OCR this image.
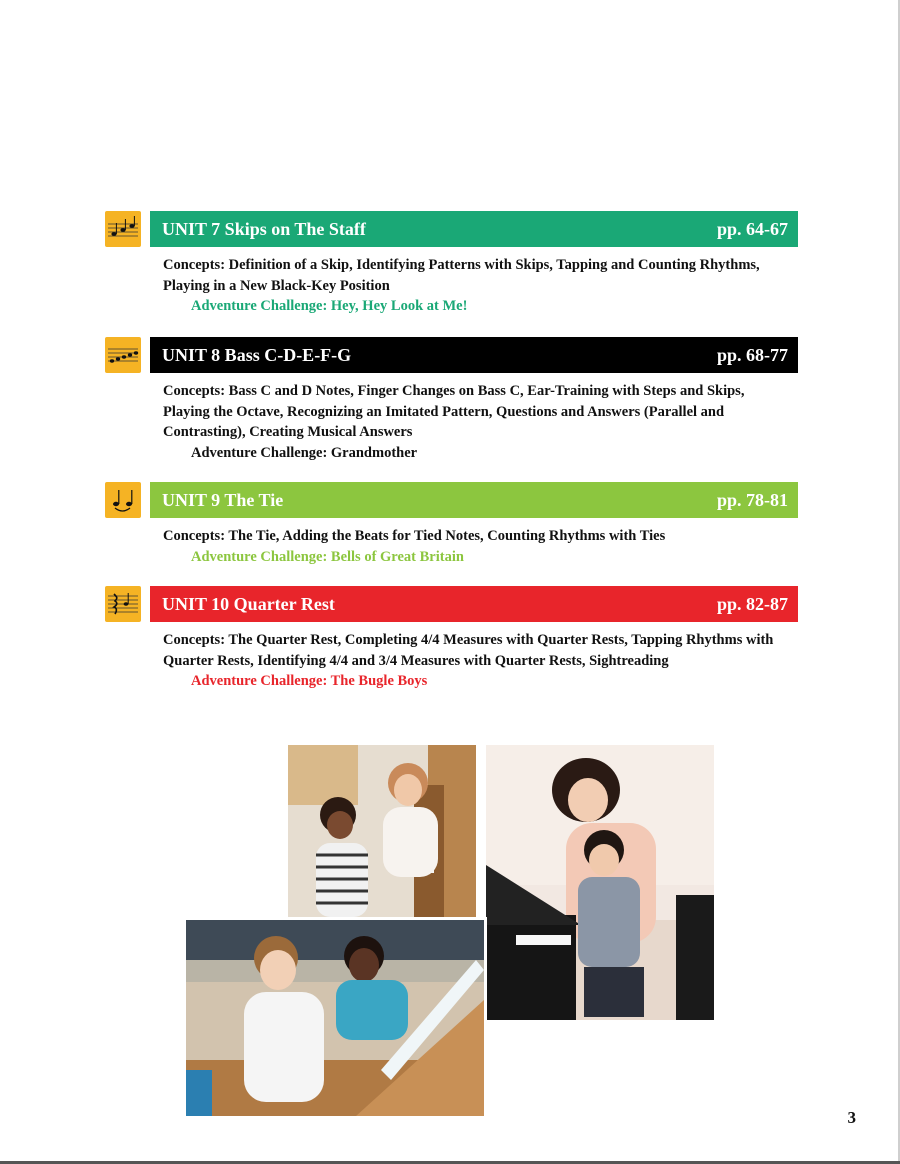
UNIT 7 Skips on The Staff	pp. 64-67
Concepts: Definition of a Skip, Identifying Patterns with Skips, Tapping and Counting Rhythms, Playing in a New Black-Key Position
Adventure Challenge: Hey, Hey Look at Me!
UNIT 8 Bass C-D-E-F-G	pp. 68-77
Concepts: Bass C and D Notes, Finger Changes on Bass C, Ear-Training with Steps and Skips, Playing the Octave, Recognizing an Imitated Pattern, Questions and Answers (Parallel and Contrasting), Creating Musical Answers
Adventure Challenge: Grandmother
UNIT 9 The Tie	pp. 78-81
Concepts: The Tie, Adding the Beats for Tied Notes, Counting Rhythms with Ties
Adventure Challenge: Bells of Great Britain
UNIT 10 Quarter Rest	pp. 82-87
Concepts: The Quarter Rest, Completing 4/4 Measures with Quarter Rests, Tapping Rhythms with Quarter Rests, Identifying 4/4 and 3/4 Measures with Quarter Rests, Sightreading
Adventure Challenge: The Bugle Boys
3
